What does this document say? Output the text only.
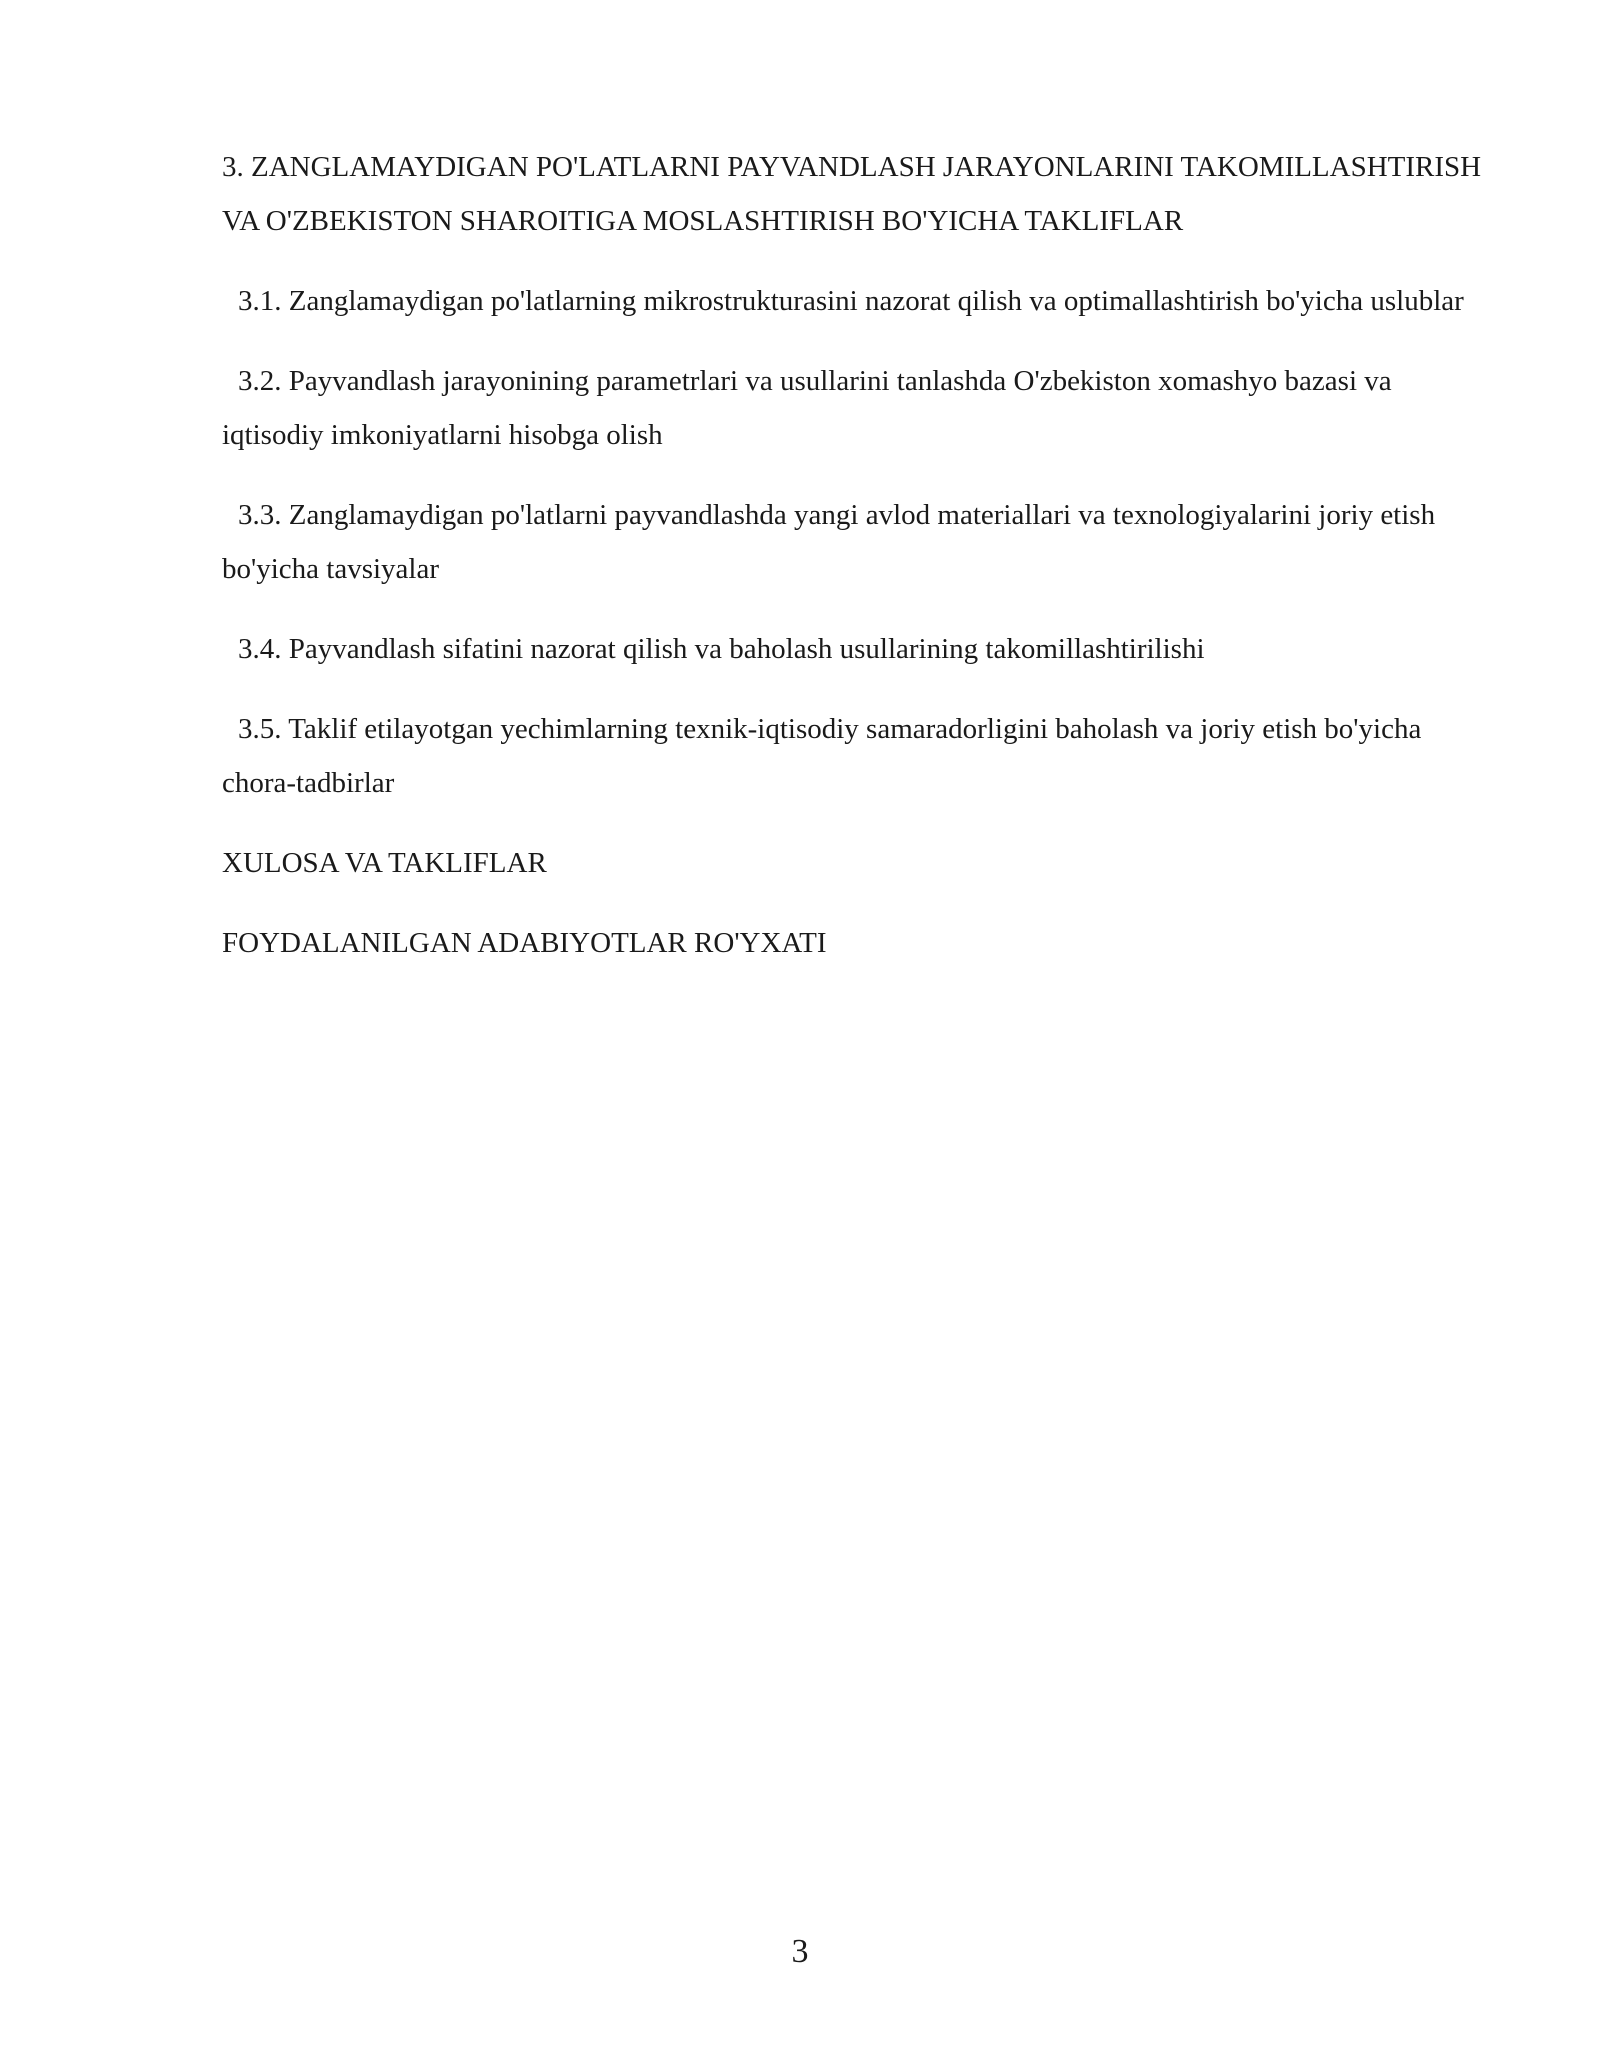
3. ZANGLAMAYDIGAN PO'LATLARNI PAYVANDLASH JARAYONLARINI TAKOMILLASHTIRISH VA O'ZBEKISTON SHAROITIGA MOSLASHTIRISH BO'YICHA TAKLIFLAR

3.1. Zanglamaydigan po'latlarning mikrostrukturasini nazorat qilish va optimallashtirish bo'yicha uslublar

3.2. Payvandlash jarayonining parametrlari va usullarini tanlashda O'zbekiston xomashyo bazasi va iqtisodiy imkoniyatlarni hisobga olish

3.3. Zanglamaydigan po'latlarni payvandlashda yangi avlod materiallari va texnologiyalarini joriy etish bo'yicha tavsiyalar

3.4. Payvandlash sifatini nazorat qilish va baholash usullarining takomillashtirilishi

3.5. Taklif etilayotgan yechimlarning texnik-iqtisodiy samaradorligini baholash va joriy etish bo'yicha chora-tadbirlar

XULOSA VA TAKLIFLAR

FOYDALANILGAN ADABIYOTLAR RO'YXATI

3
